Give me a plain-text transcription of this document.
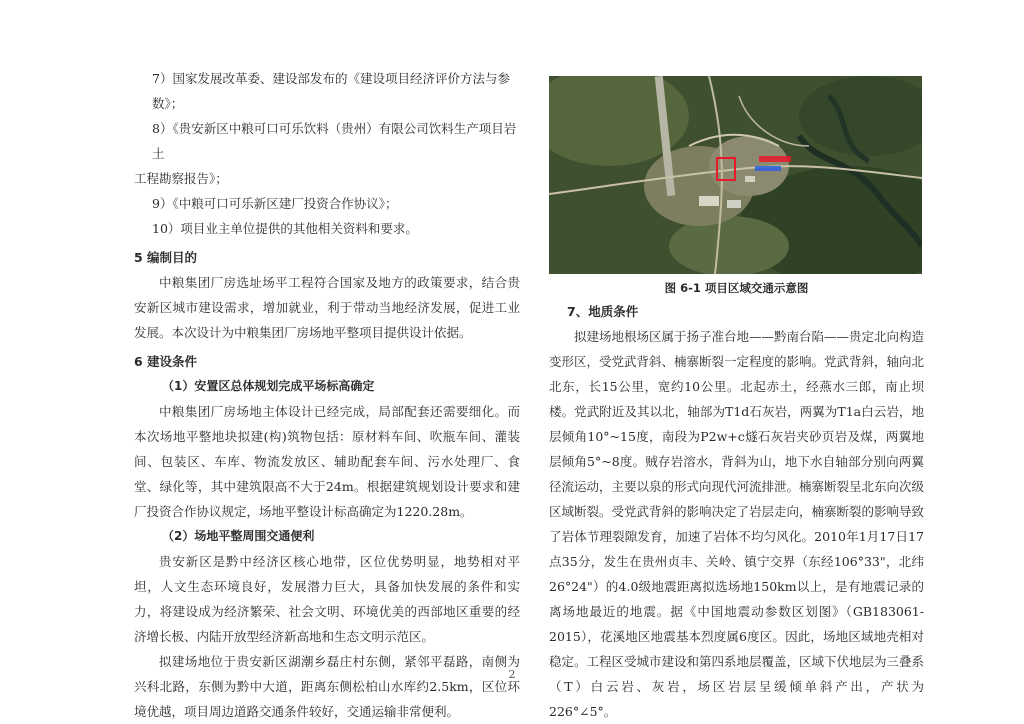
7）国家发展改革委、建设部发布的《建设项目经济评价方法与参数》；

8）《贵安新区中粮可口可乐饮料（贵州）有限公司饮料生产项目岩土

工程勘察报告》；

9）《中粮可口可乐新区建厂投资合作协议》；

10）项目业主单位提供的其他相关资料和要求。

5 编制目的

中粮集团厂房选址场平工程符合国家及地方的政策要求，结合贵安新区城市建设需求，增加就业，利于带动当地经济发展，促进工业发展。本次设计为中粮集团厂房场地平整项目提供设计依据。

6 建设条件
（1）安置区总体规划完成平场标高确定

中粮集团厂房场地主体设计已经完成，局部配套还需要细化。而本次场地平整地块拟建(构)筑物包括：原材料车间、吹瓶车间、灌装间、包装区、车库、物流发放区、辅助配套车间、污水处理厂、食堂、绿化等，其中建筑限高不大于24m。根据建筑规划设计要求和建厂投资合作协议规定，场地平整设计标高确定为1220.28m。

（2）场地平整周围交通便利

贵安新区是黔中经济区核心地带，区位优势明显，地势相对平坦，人文生态环境良好，发展潜力巨大，具备加快发展的条件和实力，将建设成为经济繁荣、社会文明、环境优美的西部地区重要的经济增长极、内陆开放型经济新高地和生态文明示范区。

拟建场地位于贵安新区湖潮乡磊庄村东侧，紧邻平磊路，南侧为兴科北路，东侧为黔中大道，距离东侧松柏山水库约2.5km，区位环境优越，项目周边道路交通条件较好，交通运输非常便利。

图 6-1 项目区域交通示意图
7、地质条件

拟建场地根场区属于扬子准台地——黔南台陷——贵定北向构造变形区，受党武背斜、楠寨断裂一定程度的影响。党武背斜，轴向北北东，长15公里，宽约10公里。北起赤土，经燕水三郎，南止坝楼。党武附近及其以北，轴部为T1d石灰岩，两翼为T1a白云岩，地层倾角10°~15度，南段为P2w+c燧石灰岩夹砂页岩及煤，两翼地层倾角5°~8度。贼存岩溶水，背斜为山，地下水自轴部分别向两翼径流运动，主要以泉的形式向现代河流排泄。楠寨断裂呈北东向次级区域断裂。受党武背斜的影响决定了岩层走向，楠寨断裂的影响导致了岩体节理裂隙发育，加速了岩体不均匀风化。2010年1月17日17点35分，发生在贵州贞丰、关岭、镇宁交界（东经106°33"，北纬26°24"）的4.0级地震距离拟选场地150km以上，是有地震记录的离场地最近的地震。据《中国地震动参数区划图》（GB183061-2015），花溪地区地震基本烈度属6度区。因此，场地区域地壳相对稳定。工程区受城市建设和第四系地层覆盖，区域下伏地层为三叠系（T）白云岩、灰岩，场区岩层呈缓倾单斜产出，产状为226°∠5°。

2
